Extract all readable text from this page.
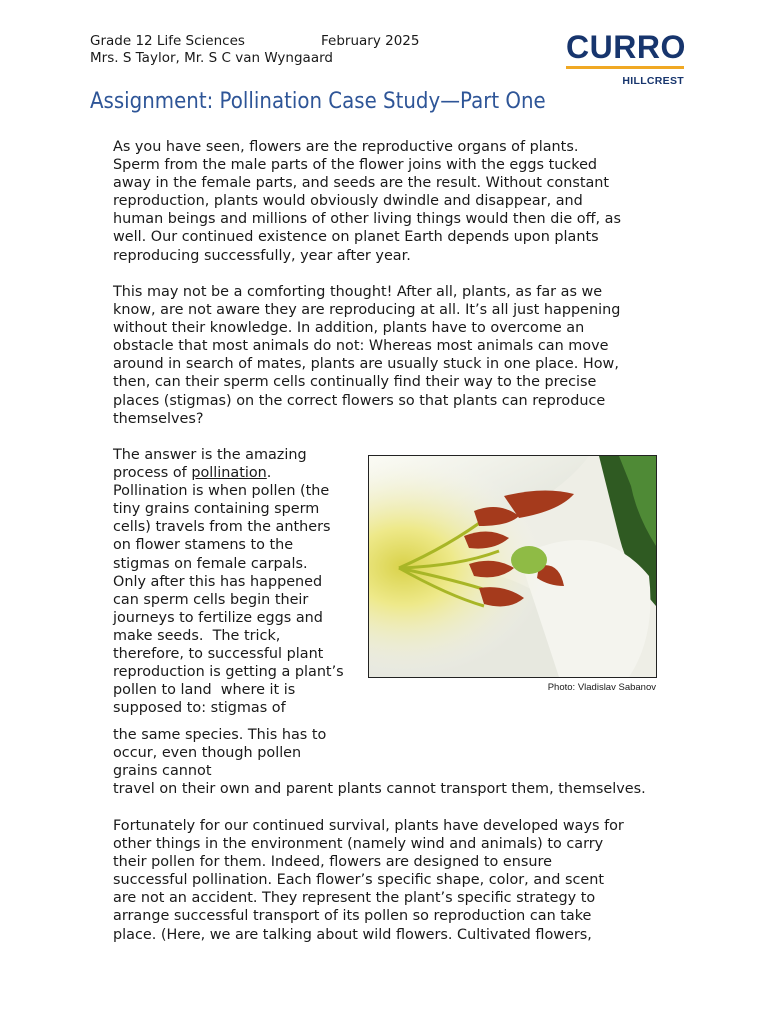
Grade 12 Life Sciences	February 2025
Mrs. S Taylor, Mr. S C van Wyngaard	CURRO
HILLCREST
Assignment: Pollination Case Study—Part One
As you have seen, flowers are the reproductive organs of plants.
Sperm from the male parts of the flower joins with the eggs tucked
away in the female parts, and seeds are the result. Without constant
reproduction, plants would obviously dwindle and disappear, and
human beings and millions of other living things would then die off, as
well. Our continued existence on planet Earth depends upon plants
reproducing successfully, year after year.
This may not be a comforting thought! After all, plants, as far as we
know, are not aware they are reproducing at all. It’s all just happening
without their knowledge. In addition, plants have to overcome an
obstacle that most animals do not: Whereas most animals can move
around in search of mates, plants are usually stuck in one place. How,
then, can their sperm cells continually find their way to the precise
places (stigmas) on the correct flowers so that plants can reproduce
themselves?
The answer is the amazing
process of pollination.
Pollination is when pollen (the
tiny grains containing sperm
cells) travels from the anthers
on flower stamens to the
stigmas on female carpals.
Only after this has happened
can sperm cells begin their
journeys to fertilize eggs and
make seeds.  The trick,
therefore, to successful plant
reproduction is getting a plant’s
pollen to land  where it is
supposed to: stigmas of
the same species. This has to
occur, even though pollen
grains cannot
travel on their own and parent plants cannot transport them, themselves.
Photo: Vladislav Sabanov
Fortunately for our continued survival, plants have developed ways for
other things in the environment (namely wind and animals) to carry
their pollen for them. Indeed, flowers are designed to ensure
successful pollination. Each flower’s specific shape, color, and scent
are not an accident. They represent the plant’s specific strategy to
arrange successful transport of its pollen so reproduction can take
place. (Here, we are talking about wild flowers. Cultivated flowers,
